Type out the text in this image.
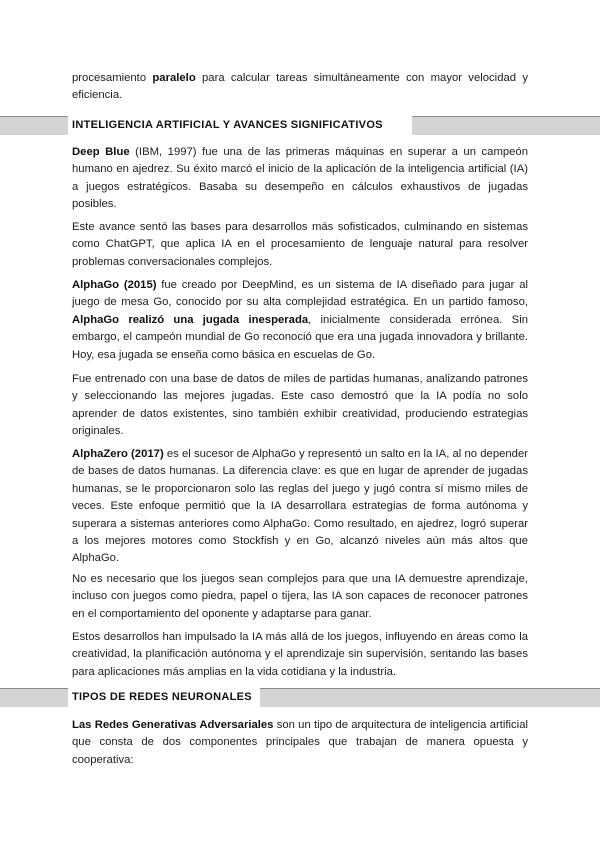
procesamiento paralelo para calcular tareas simultáneamente con mayor velocidad y eficiencia.

INTELIGENCIA ARTIFICIAL Y AVANCES SIGNIFICATIVOS

Deep Blue (IBM, 1997) fue una de las primeras máquinas en superar a un campeón humano en ajedrez. Su éxito marcó el inicio de la aplicación de la inteligencia artificial (IA) a juegos estratégicos. Basaba su desempeño en cálculos exhaustivos de jugadas posibles.

Este avance sentó las bases para desarrollos más sofisticados, culminando en sistemas como ChatGPT, que aplica IA en el procesamiento de lenguaje natural para resolver problemas conversacionales complejos.

AlphaGo (2015) fue creado por DeepMind, es un sistema de IA diseñado para jugar al juego de mesa Go, conocido por su alta complejidad estratégica. En un partido famoso, AlphaGo realizó una jugada inesperada, inicialmente considerada errónea. Sin embargo, el campeón mundial de Go reconoció que era una jugada innovadora y brillante. Hoy, esa jugada se enseña como básica en escuelas de Go.

Fue entrenado con una base de datos de miles de partidas humanas, analizando patrones y seleccionando las mejores jugadas. Este caso demostró que la IA podía no solo aprender de datos existentes, sino también exhibir creatividad, produciendo estrategias originales.

AlphaZero (2017) es el sucesor de AlphaGo y representó un salto en la IA, al no depender de bases de datos humanas. La diferencia clave: es que en lugar de aprender de jugadas humanas, se le proporcionaron solo las reglas del juego y jugó contra sí mismo miles de veces. Este enfoque permitió que la IA desarrollara estrategias de forma autónoma y superara a sistemas anteriores como AlphaGo. Como resultado, en ajedrez, logró superar a los mejores motores como Stockfish y en Go, alcanzó niveles aún más altos que AlphaGo.

No es necesario que los juegos sean complejos para que una IA demuestre aprendizaje, incluso con juegos como piedra, papel o tijera, las IA son capaces de reconocer patrones en el comportamiento del oponente y adaptarse para ganar.

Estos desarrollos han impulsado la IA más allá de los juegos, influyendo en áreas como la creatividad, la planificación autónoma y el aprendizaje sin supervisión, sentando las bases para aplicaciones más amplias en la vida cotidiana y la industria.

TIPOS DE REDES NEURONALES

Las Redes Generativas Adversariales son un tipo de arquitectura de inteligencia artificial que consta de dos componentes principales que trabajan de manera opuesta y cooperativa:
